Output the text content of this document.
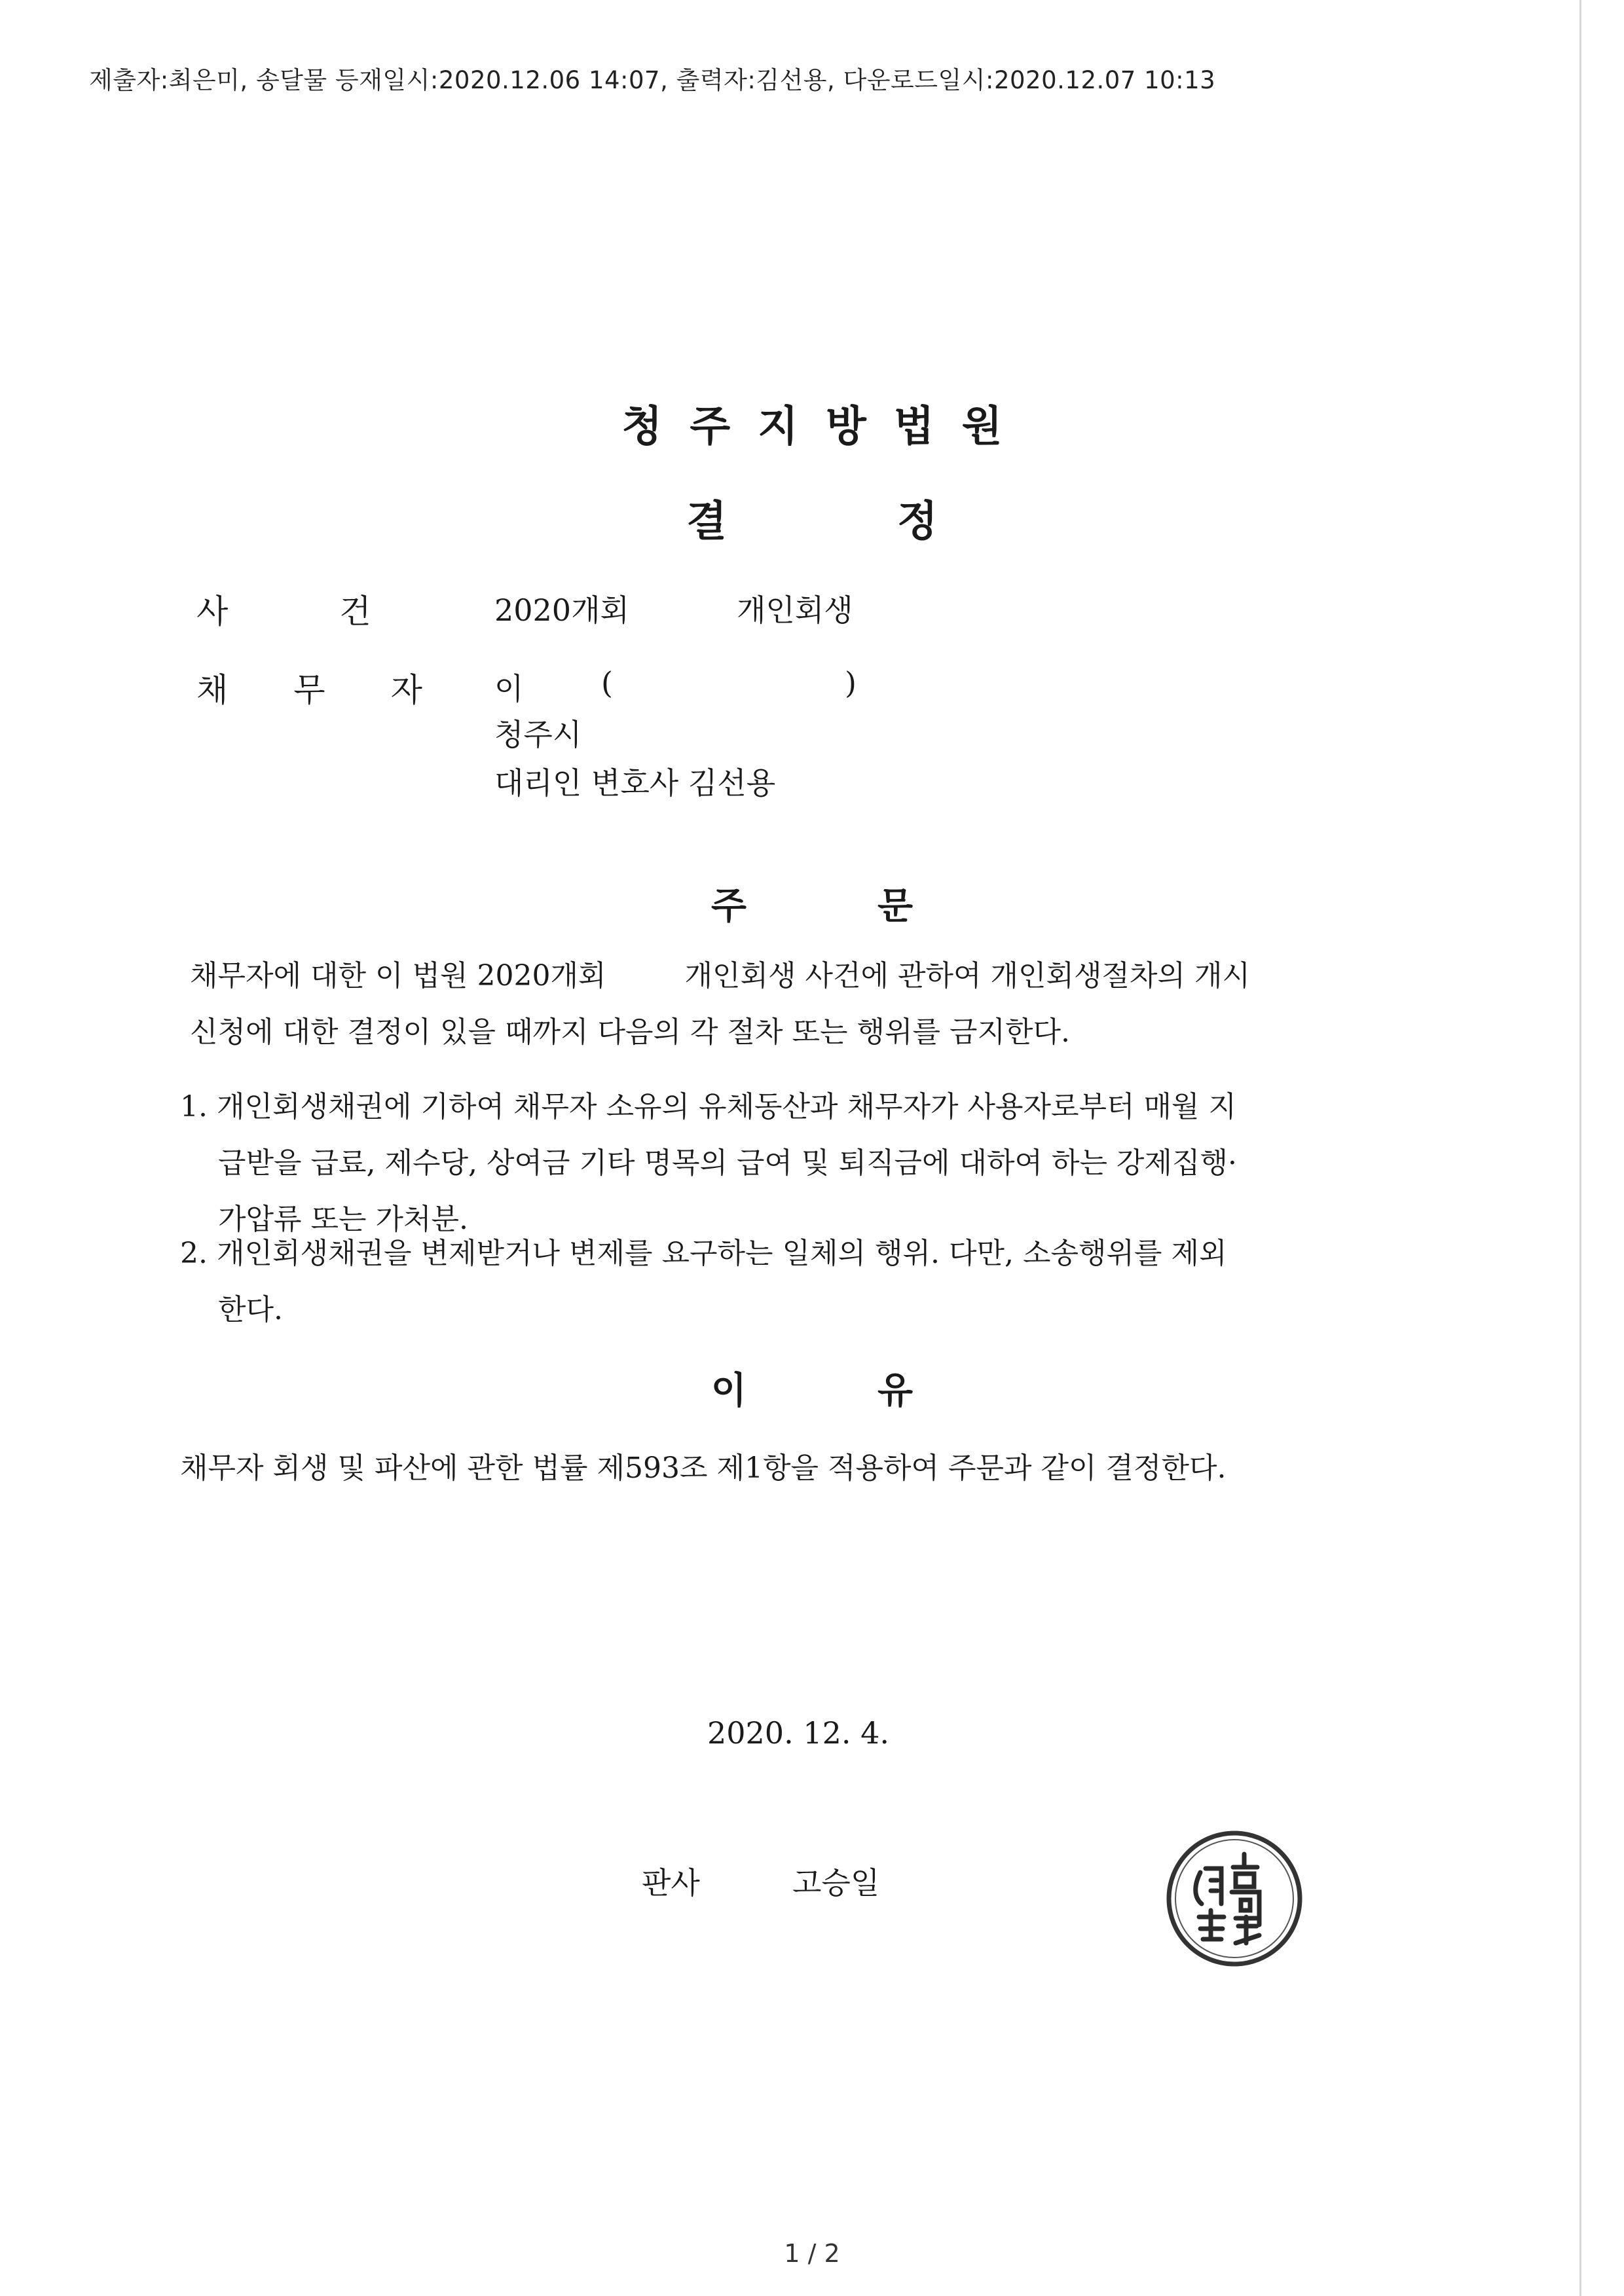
제출자:최은미, 송달물 등재일시:2020.12.06 14:07, 출력자:김선용, 다운로드일시:2020.12.07 10:13
청주지방법원
결정
사건 2020개회	개인회생
채무자 이	(	)
청주시
대리인 변호사 김선용
주문
채무자에 대한 이 법원 2020개회	개인회생 사건에 관하여 개인회생절차의 개시
신청에 대한 결정이 있을 때까지 다음의 각 절차 또는 행위를 금지한다.
1. 개인회생채권에 기하여 채무자 소유의 유체동산과 채무자가 사용자로부터 매월 지
급받을 급료, 제수당, 상여금 기타 명목의 급여 및 퇴직금에 대하여 하는 강제집행·
가압류 또는 가처분.
2. 개인회생채권을 변제받거나 변제를 요구하는 일체의 행위. 다만, 소송행위를 제외
한다.
이유
채무자 회생 및 파산에 관한 법률 제593조 제1항을 적용하여 주문과 같이 결정한다.
2020. 12. 4.
판사	고승일
1 / 2
